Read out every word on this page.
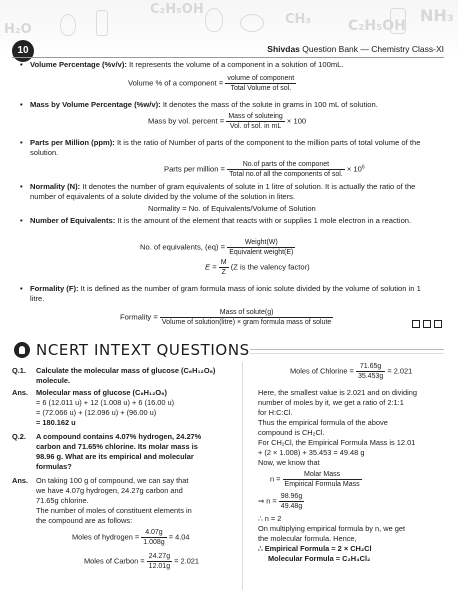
C₂H₅OH	NH₃
H₂O
CH₃	C₂H₅OH
10	Shivdas Question Bank — Chemistry Class-XI
• Volume Percentage (%v/v): It represents the volume of a component in a solution of 100mL.
Volume % of a component = $\frac{\text{volume of component}}{\text{Total Volume of sol.}}$
• Mass by Volume Percentage (%w/v): It denotes the mass of the solute in grams in 100 mL of solution.
Mass by vol. percent = $\frac{\text{Mass of soluteing}}{\text{Vol. of sol. in mL}} \times 100$
• Parts per Million (ppm): It is the ratio of Number of parts of the component to the million parts of total volume of the solution.
Parts per million = $\frac{\text{No.of parts of the componet}}{\text{Total no.of all the components of sol.}} \times 10^6$
• Normality (N): It denotes the number of gram equivalents of solute in 1 litre of solution. It is actually the ratio of the number of equivalents of a solute divided by the volume of the solution in liters.
Normality = No. of Equivalents/Volume of Solution
• Number of Equivalents: It is the amount of the element that reacts with or supplies 1 mole electron in a reaction.
No. of equivalents, $(eq) = \frac{\text{Weight(W)}}{\text{Equivalent weight(E)}}$
$E = \frac{M}{Z} (Z$ is the valency factor)
• Formality (F): It is defined as the number of gram formula mass of ionic solute divided by the volume of solution in 1 litre.
Formality = $\frac{\text{Mass of solute(g)}}{\text{Volume of solution(litre) × gram formula mass of solute}}$
NCERT INTEXT QUESTIONS
Q.1. Calculate the molecular mass of glucose (C₆H₁₂O₆) molecule.
Ans. Molecular mass of glucose (C₆H₁₂O₆)
= 6 (12.011 u) + 12 (1.008 u) + 6 (16.00 u)
= (72.066 u) + (12.096 u) + (96.00 u)
= 180.162 u
Q.2. A compound contains 4.07% hydrogen, 24.27%
carbon and 71.65% chlorine. Its molar mass is
98.96 g. What are its empirical and molecular
formulas?
Ans. On taking 100 g of compound, we can say that
we have 4.07g hydrogen, 24.27g carbon and
71.65g chlorine.
The number of moles of constituent elements in
the compound are as follows:
Moles of hydrogen = $\frac{4.07g}{1.008g} = 4.04$
Moles of Carbon = $\frac{24.27g}{12.01g} = 2.021$
Moles of Chlorine = $\frac{71.65g}{35.453g} = 2.021$
Here, the smallest value is 2.021 and on dividing
number of moles by it, we get a ratio of 2:1:1
for H:C:Cl.
Thus the empirical formula of the above
compound is CH₂Cl.
For CH₂Cl, the Empirical Formula Mass is 12.01
+ (2 × 1.008) + 35.453 = 49.48 g
Now, we know that
$n = \frac{\text{Molar Mass}}{\text{Empirical Formula Mass}}$
⇒ $n = \frac{98.96g}{49.48g}$
∴ n = 2
On multiplying empirical formula by n, we get
the molecular formula. Hence,
∴ Empirical Formula = 2 × CH₂Cl
Molecular Formula = C₂H₄Cl₂
